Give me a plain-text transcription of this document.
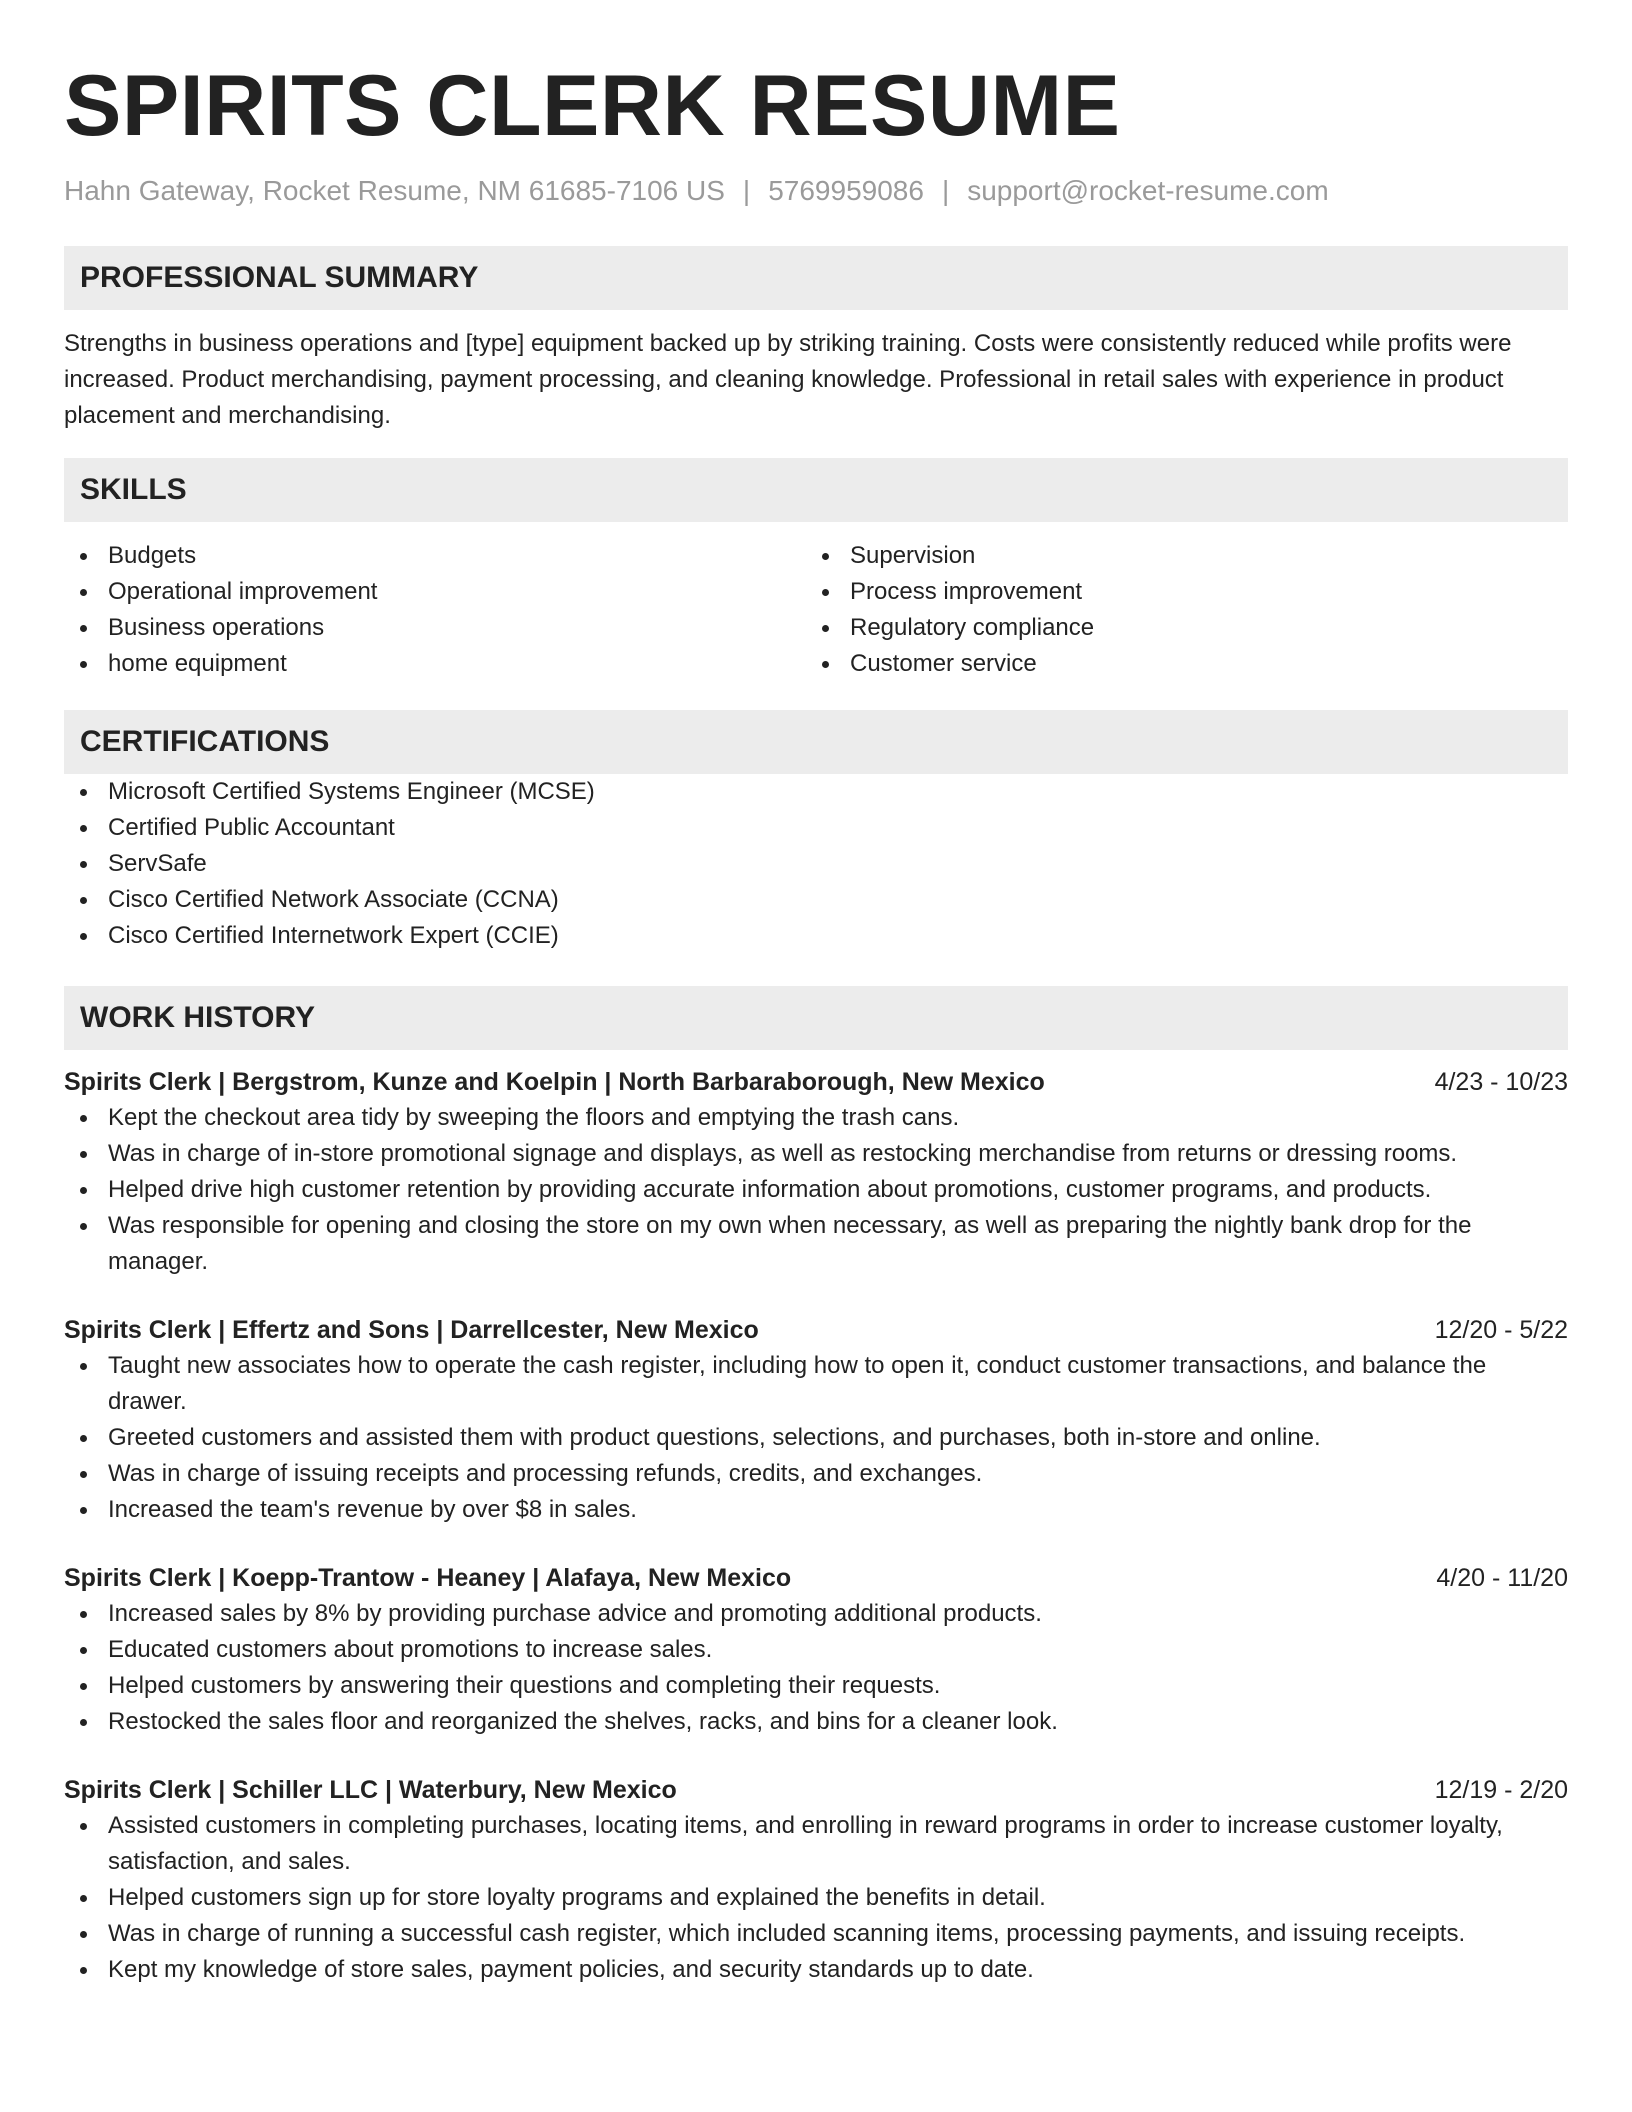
SPIRITS CLERK RESUME
Hahn Gateway, Rocket Resume, NM 61685-7106 US | 5769959086 | support@rocket-resume.com
PROFESSIONAL SUMMARY

Strengths in business operations and [type] equipment backed up by striking training. Costs were consistently reduced while profits were increased. Product merchandising, payment processing, and cleaning knowledge. Professional in retail sales with experience in product placement and merchandising.

SKILLS
Budgets
Operational improvement
Business operations
home equipment
Supervision
Process improvement
Regulatory compliance
Customer service
CERTIFICATIONS
Microsoft Certified Systems Engineer (MCSE)
Certified Public Accountant
ServSafe
Cisco Certified Network Associate (CCNA)
Cisco Certified Internetwork Expert (CCIE)
WORK HISTORY
Spirits Clerk | Bergstrom, Kunze and Koelpin | North Barbaraborough, New Mexico	4/23 - 10/23
Kept the checkout area tidy by sweeping the floors and emptying the trash cans.
Was in charge of in-store promotional signage and displays, as well as restocking merchandise from returns or dressing rooms.
Helped drive high customer retention by providing accurate information about promotions, customer programs, and products.
Was responsible for opening and closing the store on my own when necessary, as well as preparing the nightly bank drop for the manager.
Spirits Clerk | Effertz and Sons | Darrellcester, New Mexico	12/20 - 5/22
Taught new associates how to operate the cash register, including how to open it, conduct customer transactions, and balance the drawer.
Greeted customers and assisted them with product questions, selections, and purchases, both in-store and online.
Was in charge of issuing receipts and processing refunds, credits, and exchanges.
Increased the team's revenue by over $8 in sales.
Spirits Clerk | Koepp-Trantow - Heaney | Alafaya, New Mexico	4/20 - 11/20
Increased sales by 8% by providing purchase advice and promoting additional products.
Educated customers about promotions to increase sales.
Helped customers by answering their questions and completing their requests.
Restocked the sales floor and reorganized the shelves, racks, and bins for a cleaner look.
Spirits Clerk | Schiller LLC | Waterbury, New Mexico	12/19 - 2/20
Assisted customers in completing purchases, locating items, and enrolling in reward programs in order to increase customer loyalty, satisfaction, and sales.
Helped customers sign up for store loyalty programs and explained the benefits in detail.
Was in charge of running a successful cash register, which included scanning items, processing payments, and issuing receipts.
Kept my knowledge of store sales, payment policies, and security standards up to date.
